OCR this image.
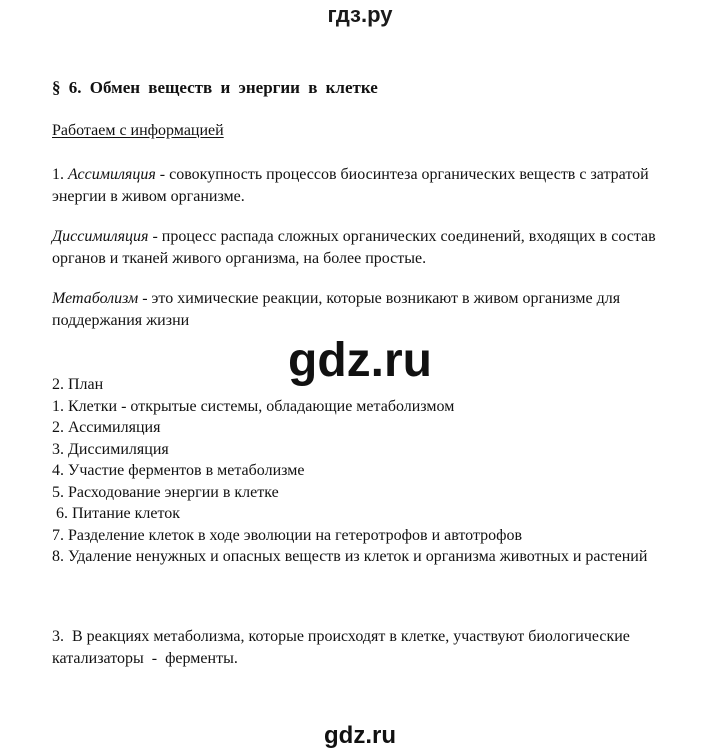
гдз.ру
§ 6. Обмен веществ и энергии в клетке
Работаем с информацией
1. Ассимиляция - совокупность процессов биосинтеза органических веществ с затратой энергии в живом организме.
Диссимиляция - процесс распада сложных органических соединений, входящих в состав органов и тканей живого организма, на более простые.
Метаболизм - это химические реакции, которые возникают в живом организме для поддержания жизни
gdz.ru
2. План
1. Клетки - открытые системы, обладающие метаболизмом
2. Ассимиляция
3. Диссимиляция
4. Участие ферментов в метаболизме
5. Расходование энергии в клетке
6. Питание клеток
7. Разделение клеток в ходе эволюции на гетеротрофов и автотрофов
8. Удаление ненужных и опасных веществ из клеток и организма животных и растений
3.  В реакциях метаболизма, которые происходят в клетке, участвуют биологические  катализаторы  -  ферменты.
gdz.ru
